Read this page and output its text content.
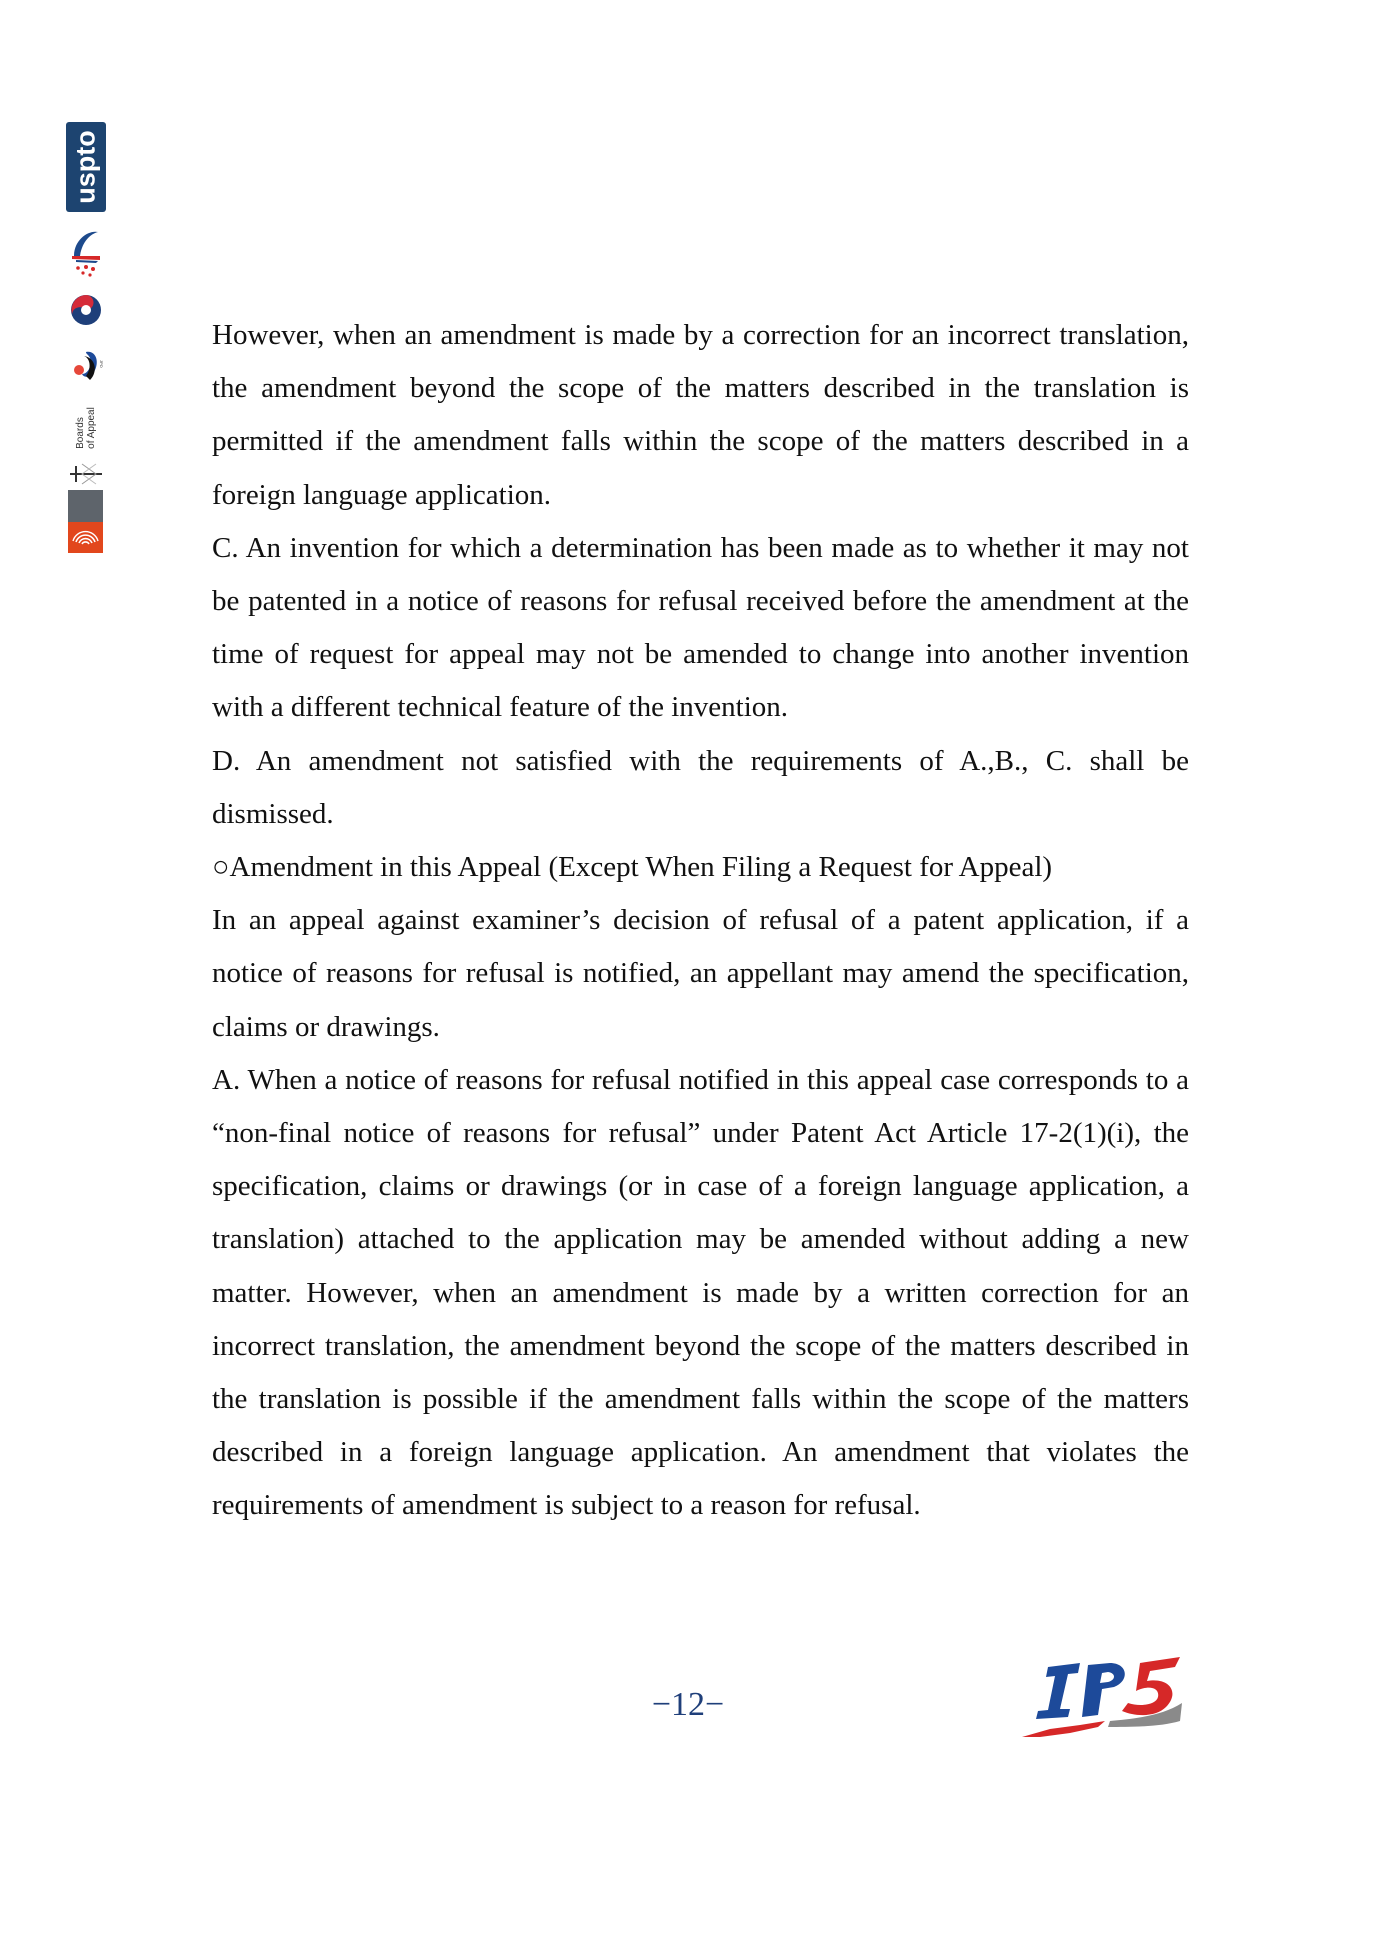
uspto
JPO
Boards of Appeal

However, when an amendment is made by a correction for an incorrect translation, the amendment beyond the scope of the matters described in the translation is permitted if the amendment falls within the scope of the matters described in a foreign language application.

C. An invention for which a determination has been made as to whether it may not be patented in a notice of reasons for refusal received before the amendment at the time of request for appeal may not be amended to change into another invention with a different technical feature of the invention.

D. An amendment not satisfied with the requirements of A.,B., C. shall be dismissed.

○Amendment in this Appeal (Except When Filing a Request for Appeal)

In an appeal against examiner’s decision of refusal of a patent application, if a notice of reasons for refusal is notified, an appellant may amend the specification, claims or drawings.

A. When a notice of reasons for refusal notified in this appeal case corresponds to a “non-final notice of reasons for refusal” under Patent Act Article 17-2(1)(i), the specification, claims or drawings (or in case of a foreign language application, a translation) attached to the application may be amended without adding a new matter. However, when an amendment is made by a written correction for an incorrect translation, the amendment beyond the scope of the matters described in the translation is possible if the amendment falls within the scope of the matters described in a foreign language application. An amendment that violates the requirements of amendment is subject to a reason for refusal.

−12−
